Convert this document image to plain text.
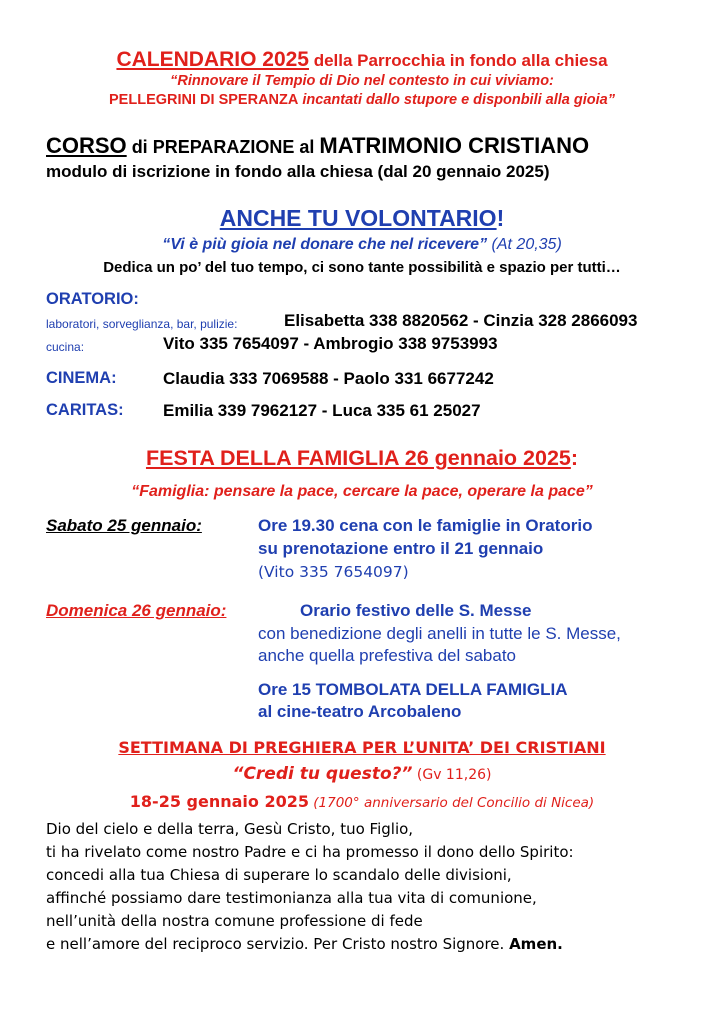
CALENDARIO 2025 della Parrocchia in fondo alla chiesa
“Rinnovare il Tempio di Dio nel contesto in cui viviamo:
PELLEGRINI DI SPERANZA incantati dallo stupore e disponbili alla gioia”
CORSO di PREPARAZIONE al MATRIMONIO CRISTIANO
modulo di iscrizione in fondo alla chiesa (dal 20 gennaio 2025)
ANCHE TU VOLONTARIO!
“Vi è più gioia nel donare che nel ricevere” (At 20,35)
Dedica un po’ del tuo tempo, ci sono tante possibilità e spazio per tutti…
ORATORIO:
laboratori, sorveglianza, bar, pulizie:	Elisabetta 338 8820562 - Cinzia 328 2866093
cucina:	Vito 335 7654097 - Ambrogio 338 9753993
CINEMA:	Claudia 333 7069588 - Paolo 331 6677242
CARITAS: Emilia 339 7962127 - Luca 335 61 25027
FESTA DELLA FAMIGLIA 26 gennaio 2025:
“Famiglia: pensare la pace, cercare la pace, operare la pace”
Sabato 25 gennaio:	Ore 19.30 cena con le famiglie in Oratorio
su prenotazione entro il 21 gennaio
(Vito 335 7654097)
Domenica 26 gennaio:	Orario festivo delle S. Messe
con benedizione degli anelli in tutte le S. Messe,
anche quella prefestiva del sabato
Ore 15 TOMBOLATA DELLA FAMIGLIA
al cine-teatro Arcobaleno
SETTIMANA DI PREGHIERA PER L’UNITA’ DEI CRISTIANI
“Credi tu questo?” (Gv 11,26)
18-25 gennaio 2025 (1700° anniversario del Concilio di Nicea)
Dio del cielo e della terra, Gesù Cristo, tuo Figlio,
ti ha rivelato come nostro Padre e ci ha promesso il dono dello Spirito:
concedi alla tua Chiesa di superare lo scandalo delle divisioni,
affinché possiamo dare testimonianza alla tua vita di comunione,
nell’unità della nostra comune professione di fede
e nell’amore del reciproco servizio. Per Cristo nostro Signore. Amen.
